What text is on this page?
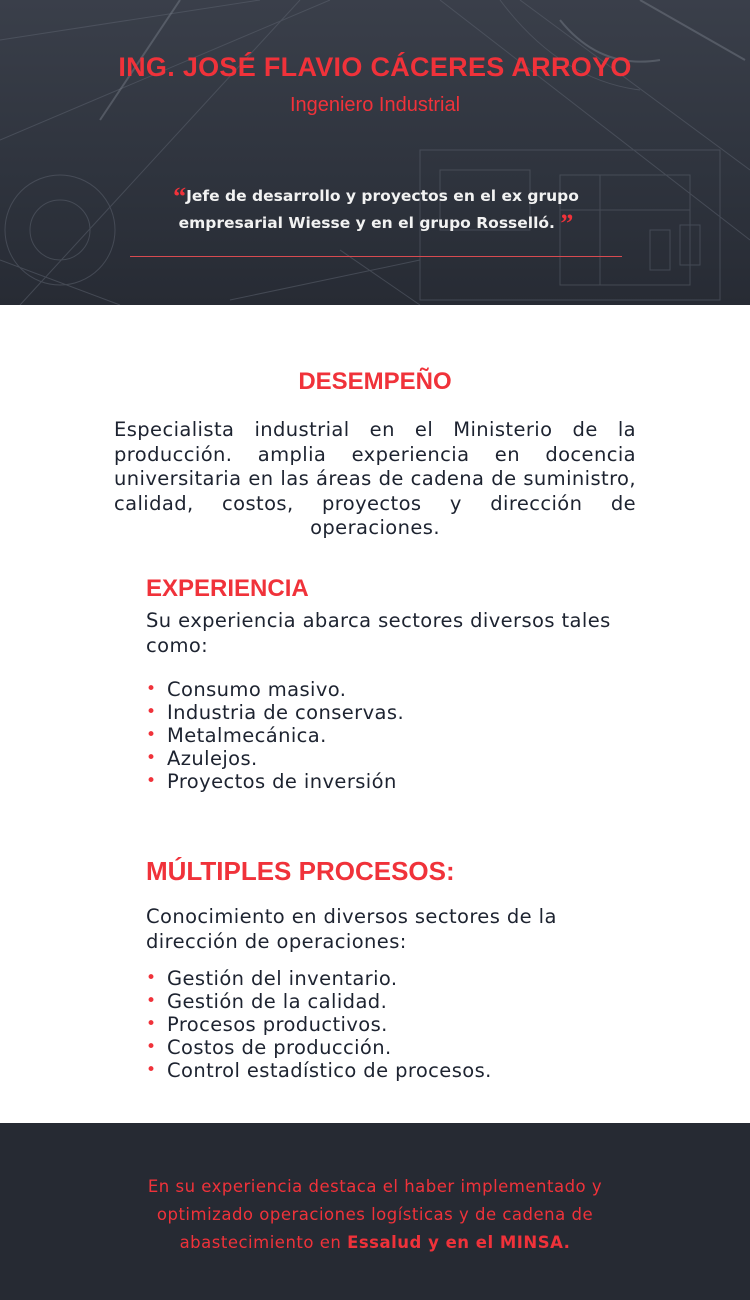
ING. JOSÉ FLAVIO CÁCERES ARROYO
Ingeniero Industrial
“Jefe de desarrollo y proyectos en el ex grupo
empresarial Wiesse y en el grupo Rosselló. ”
DESEMPEÑO

Especialista industrial en el Ministerio de la producción. amplia experiencia en docencia universitaria en las áreas de cadena de suministro, calidad, costos, proyectos y dirección de operaciones.

EXPERIENCIA

Su experiencia abarca sectores diversos tales como:

• Consumo masivo.
• Industria de conservas.
• Metalmecánica.
• Azulejos.
• Proyectos de inversión
MÚLTIPLES PROCESOS:

Conocimiento en diversos sectores de la dirección de operaciones:

• Gestión del inventario.
• Gestión de la calidad.
• Procesos productivos.
• Costos de producción.
• Control estadístico de procesos.

En su experiencia destaca el haber implementado y
optimizado operaciones logísticas y de cadena de
abastecimiento en Essalud y en el MINSA.
